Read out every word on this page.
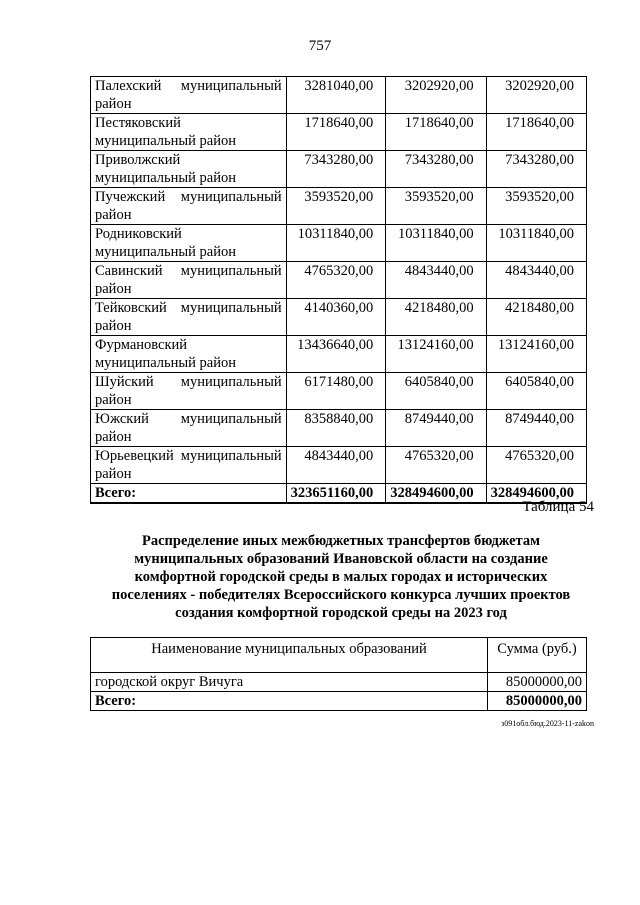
757
Палехский муниципальный район	3281040,00	3202920,00	3202920,00
Пестяковский муниципальный район	1718640,00	1718640,00	1718640,00
Приволжский муниципальный район	7343280,00	7343280,00	7343280,00
Пучежский муниципальный район	3593520,00	3593520,00	3593520,00
Родниковский муниципальный район	10311840,00	10311840,00	10311840,00
Савинский муниципальный район	4765320,00	4843440,00	4843440,00
Тейковский муниципальный район	4140360,00	4218480,00	4218480,00
Фурмановский муниципальный район	13436640,00	13124160,00	13124160,00
Шуйский муниципальный район	6171480,00	6405840,00	6405840,00
Южский муниципальный район	8358840,00	8749440,00	8749440,00
Юрьевецкий муниципальный район	4843440,00	4765320,00	4765320,00
Всего:	323651160,00	328494600,00	328494600,00
Таблица 54
Распределение иных межбюджетных трансфертов бюджетам муниципальных образований Ивановской области на создание комфортной городской среды в малых городах и исторических поселениях - победителях Всероссийского конкурса лучших проектов создания комфортной городской среды на 2023 год
Наименование муниципальных образований	Сумма (руб.)
городской округ Вичуга	85000000,00
Всего:	85000000,00
з091обл.бюд.2023-11-zakon
